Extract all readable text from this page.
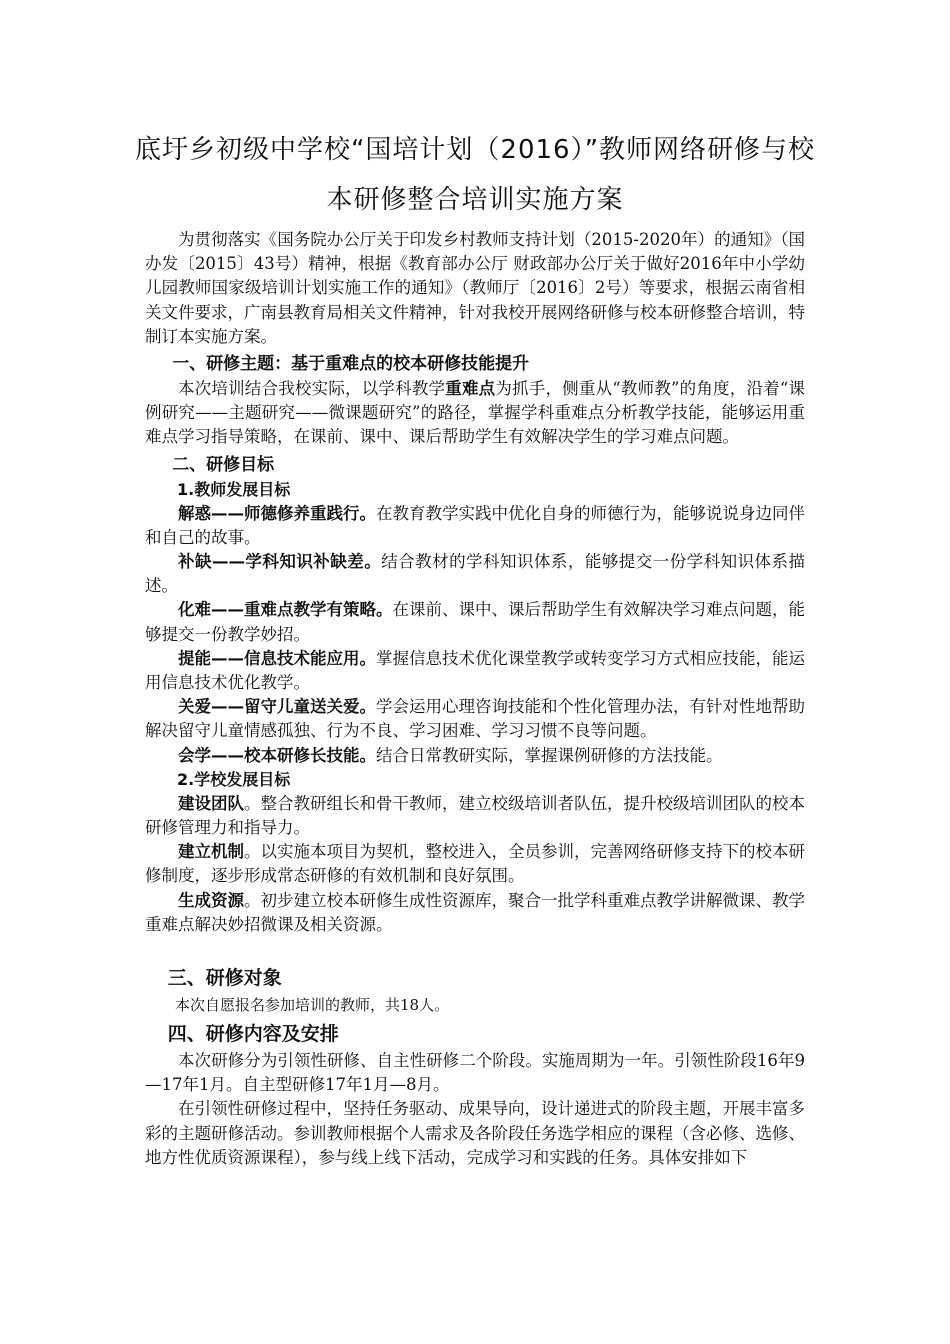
底圩乡初级中学校“国培计划（2016）”教师网络研修与校
本研修整合培训实施方案

为贯彻落实《国务院办公厅关于印发乡村教师支持计划（2015-2020年）的通知》（国办发〔2015〕43号）精神，根据《教育部办公厅 财政部办公厅关于做好2016年中小学幼儿园教师国家级培训计划实施工作的通知》（教师厅〔2016〕2号）等要求，根据云南省相关文件要求，广南县教育局相关文件精神，针对我校开展网络研修与校本研修整合培训，特制订本实施方案。

一、研修主题：基于重难点的校本研修技能提升

本次培训结合我校实际，以学科教学重难点为抓手，侧重从“教师教”的角度，沿着“课例研究——主题研究——微课题研究”的路径，掌握学科重难点分析教学技能，能够运用重难点学习指导策略，在课前、课中、课后帮助学生有效解决学生的学习难点问题。

二、研修目标
1.教师发展目标

解惑——师德修养重践行。在教育教学实践中优化自身的师德行为，能够说说身边同伴和自己的故事。

补缺——学科知识补缺差。结合教材的学科知识体系，能够提交一份学科知识体系描述。

化难——重难点教学有策略。在课前、课中、课后帮助学生有效解决学习难点问题，能够提交一份教学妙招。

提能——信息技术能应用。掌握信息技术优化课堂教学或转变学习方式相应技能，能运用信息技术优化教学。

关爱——留守儿童送关爱。学会运用心理咨询技能和个性化管理办法，有针对性地帮助解决留守儿童情感孤独、行为不良、学习困难、学习习惯不良等问题。

会学——校本研修长技能。结合日常教研实际，掌握课例研修的方法技能。

2.学校发展目标

建设团队。整合教研组长和骨干教师，建立校级培训者队伍，提升校级培训团队的校本研修管理力和指导力。

建立机制。以实施本项目为契机，整校进入，全员参训，完善网络研修支持下的校本研修制度，逐步形成常态研修的有效机制和良好氛围。

生成资源。初步建立校本研修生成性资源库，聚合一批学科重难点教学讲解微课、教学重难点解决妙招微课及相关资源。

三、研修对象

本次自愿报名参加培训的教师，共18人。

四、研修内容及安排

本次研修分为引领性研修、自主性研修二个阶段。实施周期为一年。引领性阶段16年9—17年1月。自主型研修17年1月—8月。

在引领性研修过程中，坚持任务驱动、成果导向，设计递进式的阶段主题，开展丰富多彩的主题研修活动。参训教师根据个人需求及各阶段任务选学相应的课程（含必修、选修、地方性优质资源课程），参与线上线下活动，完成学习和实践的任务。具体安排如下
